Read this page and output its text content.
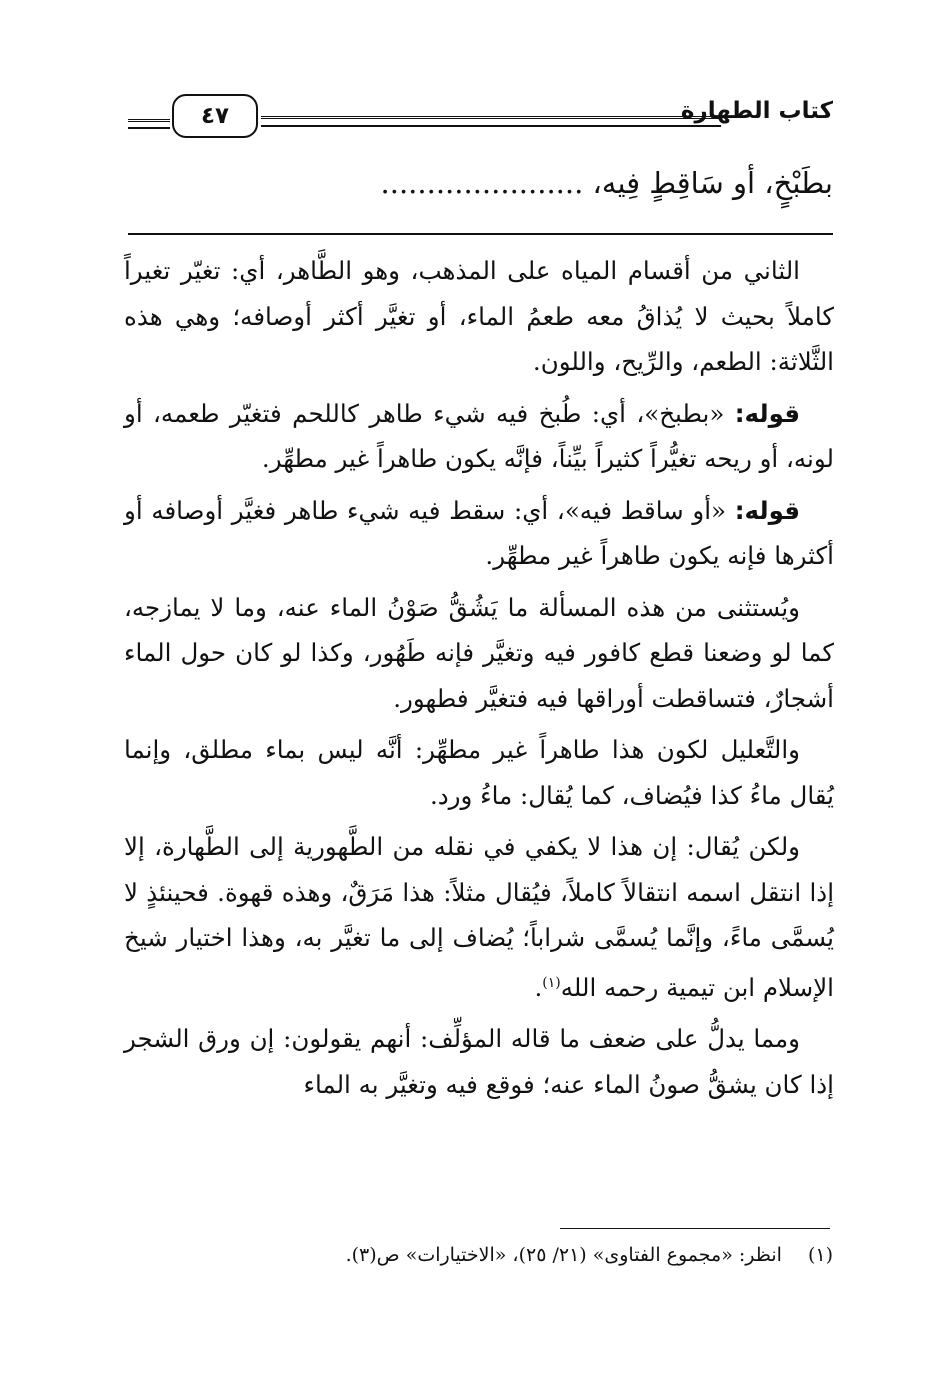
كتاب الطهارة
٤٧
بطَبْخٍ، أو سَاقِطٍ فِيه، ......................

الثاني من أقسام المياه على المذهب، وهو الطَّاهر، أي: تغيّر تغيراً كاملاً بحيث لا يُذاقُ معه طعمُ الماء، أو تغيَّر أكثر أوصافه؛ وهي هذه الثَّلاثة: الطعم، والرِّيح، واللون.

قوله: «بطبخ»، أي: طُبخ فيه شيء طاهر كاللحم فتغيّر طعمه، أو لونه، أو ريحه تغيُّراً كثيراً بيِّناً، فإنَّه يكون طاهراً غير مطهِّر.

قوله: «أو ساقط فيه»، أي: سقط فيه شيء طاهر فغيَّر أوصافه أو أكثرها فإنه يكون طاهراً غير مطهِّر.

ويُستثنى من هذه المسألة ما يَشُقُّ صَوْنُ الماء عنه، وما لا يمازجه، كما لو وضعنا قطع كافور فيه وتغيَّر فإنه طَهُور، وكذا لو كان حول الماء أشجارٌ، فتساقطت أوراقها فيه فتغيَّر فطهور.

والتَّعليل لكون هذا طاهراً غير مطهِّر: أنَّه ليس بماء مطلق، وإنما يُقال ماءُ كذا فيُضاف، كما يُقال: ماءُ ورد.

ولكن يُقال: إن هذا لا يكفي في نقله من الطَّهورية إلى الطَّهارة، إلا إذا انتقل اسمه انتقالاً كاملاً، فيُقال مثلاً: هذا مَرَقٌ، وهذه قهوة. فحينئذٍ لا يُسمَّى ماءً، وإنَّما يُسمَّى شراباً؛ يُضاف إلى ما تغيَّر به، وهذا اختيار شيخ الإسلام ابن تيمية رحمه الله$^{(١)}$.

ومما يدلُّ على ضعف ما قاله المؤلِّف: أنهم يقولون: إن ورق الشجر إذا كان يشقُّ صونُ الماء عنه؛ فوقع فيه وتغيَّر به الماء

(١)انظر: «مجموع الفتاوى» (٢١/ ٢٥)، «الاختيارات» ص(٣).
